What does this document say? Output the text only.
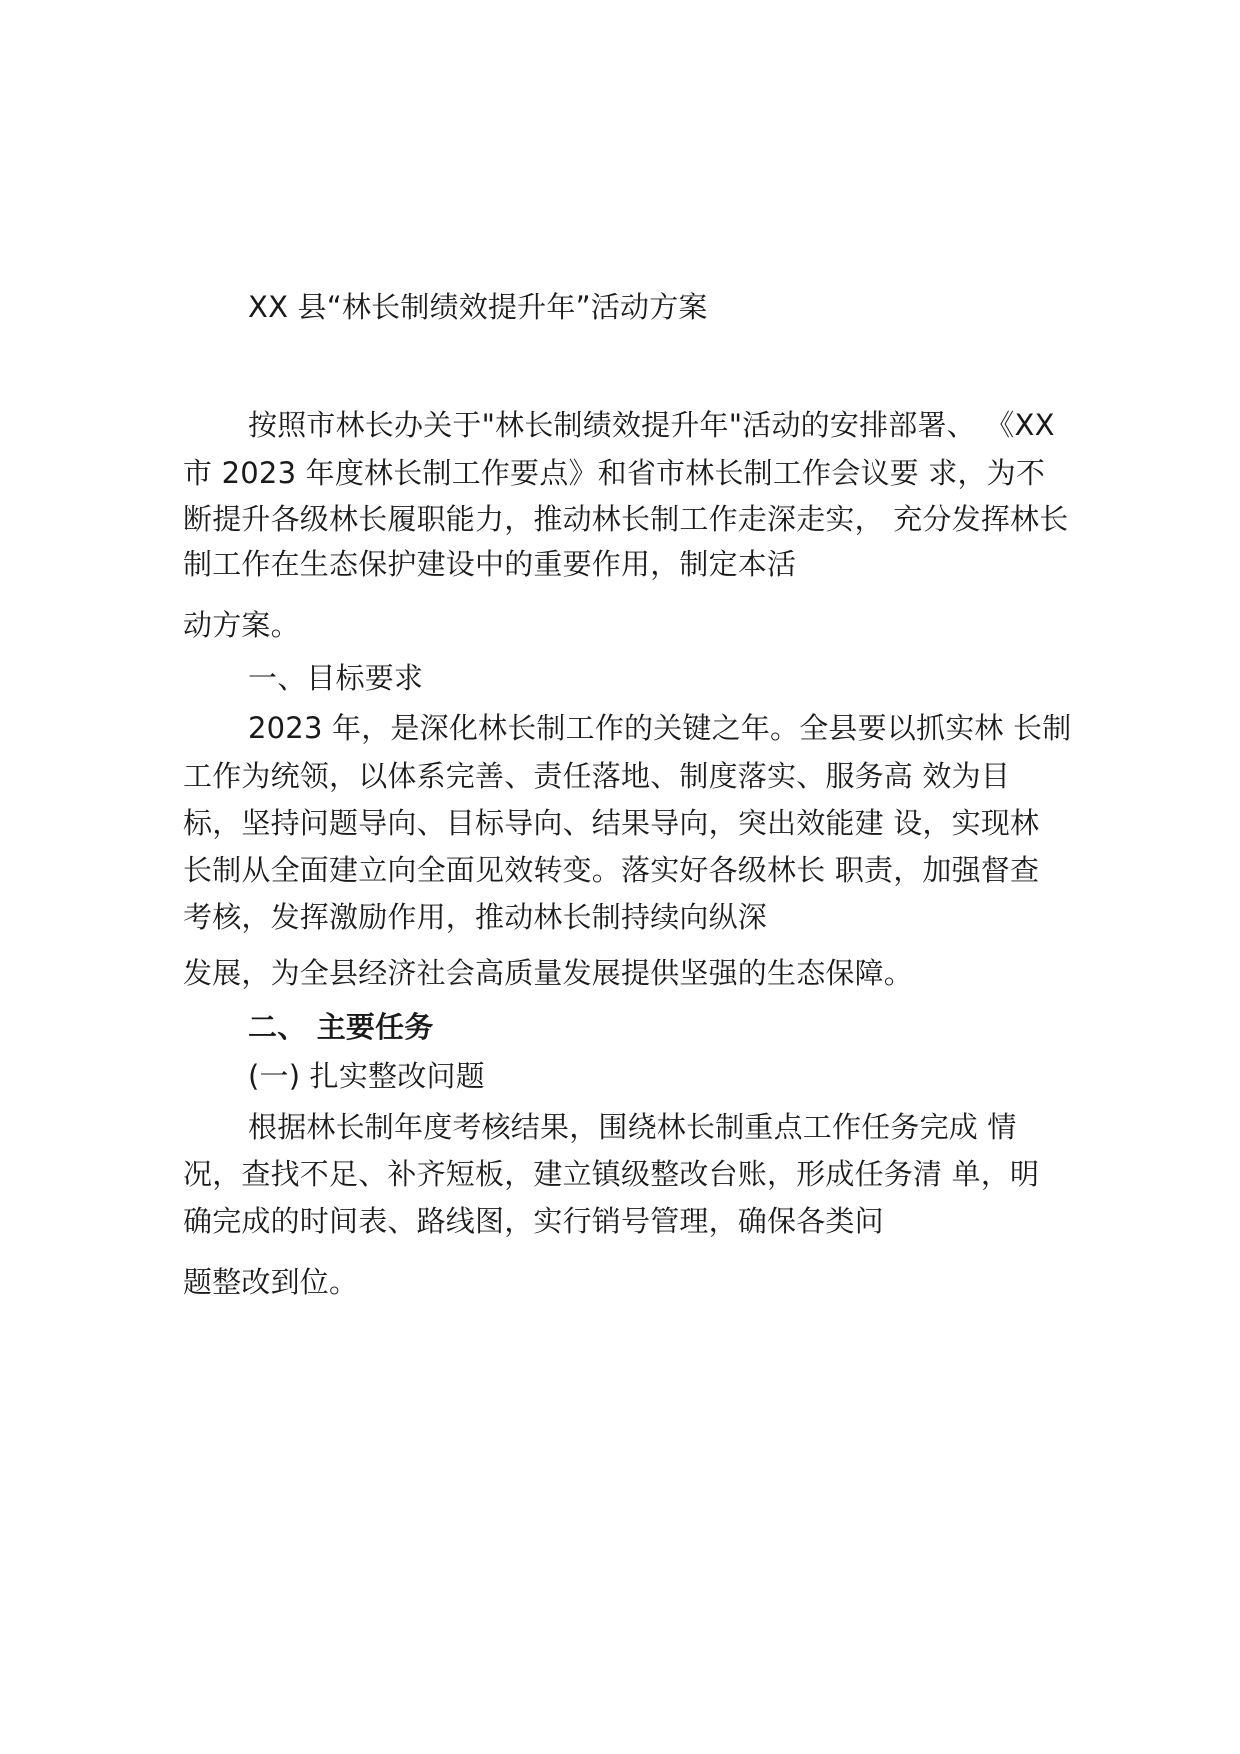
XX 县“林长制绩效提升年”活动方案
按照市林长办关于"林长制绩效提升年"活动的安排部署、 《XX
市 2023 年度林长制工作要点》和省市林长制工作会议要 求，为不
断提升各级林长履职能力，推动林长制工作走深走实， 充分发挥林长
制工作在生态保护建设中的重要作用，制定本活
动方案。
一、目标要求
2023 年，是深化林长制工作的关键之年。全县要以抓实林 长制
工作为统领，以体系完善、责任落地、制度落实、服务高 效为目
标，坚持问题导向、目标导向、结果导向，突出效能建 设，实现林
长制从全面建立向全面见效转变。落实好各级林长 职责，加强督查
考核，发挥激励作用，推动林长制持续向纵深
发展，为全县经济社会高质量发展提供坚强的生态保障。
二、 主要任务
(一) 扎实整改问题
根据林长制年度考核结果，围绕林长制重点工作任务完成 情
况，查找不足、补齐短板，建立镇级整改台账，形成任务清 单，明
确完成的时间表、路线图，实行销号管理，确保各类问
题整改到位。
